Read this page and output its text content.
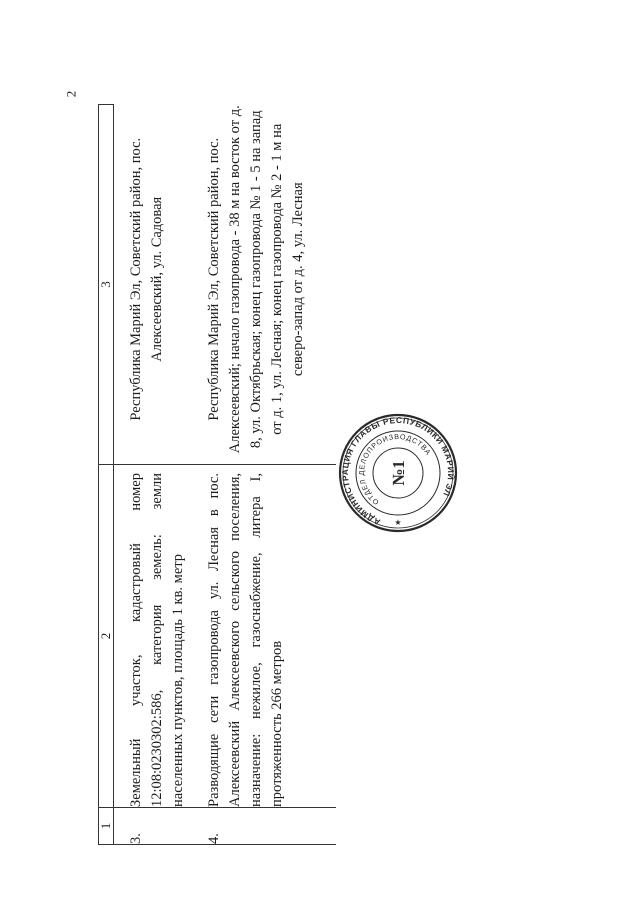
2
1	2	3
3.	Земельный участок, кадастровый номер 12:08:0230302:586, категория земель: земли населенных пунктов, площадь 1 кв. метр	Республика Марий Эл, Советский район, пос. Алексеевский, ул. Садовая
4.	Разводящие сети газопровода ул. Лесная в пос. Алексеевский Алексеевского сельского поселения, назначение: нежилое, газоснабжение, литера I, протяженность 266 метров	Республика Марий Эл, Советский район, пос. Алексеевский; начало газопровода - 38 м на восток от д. 8, ул. Октябрьская; конец газопровода № 1 - 5 на запад от д. 1, ул. Лесная; конец газопровода № 2 - 1 м на северо-запад от д. 4, ул. Лесная
АДМИНИСТРАЦИЯ ГЛАВЫ РЕСПУБЛИКИ МАРИЙ ЭЛ
ОТДЕЛ ДЕЛОПРОИЗВОДСТВА
№1
★
